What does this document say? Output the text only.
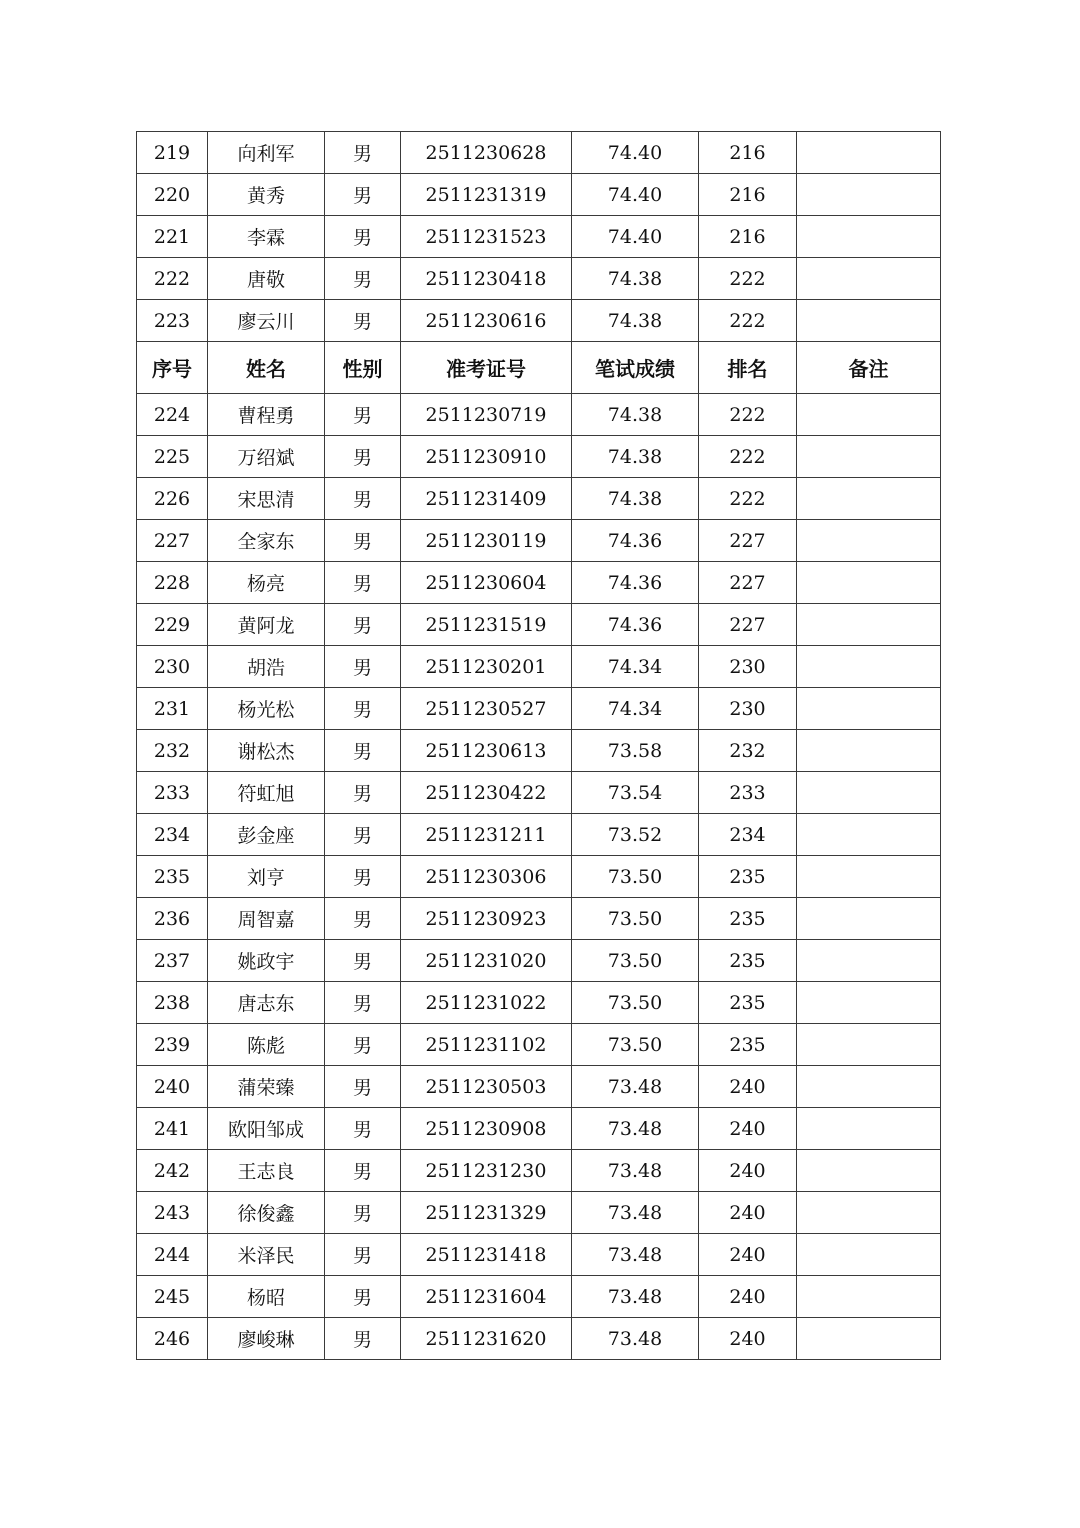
219	向利军	男	2511230628	74.40	216	
220	黄秀	男	2511231319	74.40	216	
221	李霖	男	2511231523	74.40	216	
222	唐敬	男	2511230418	74.38	222	
223	廖云川	男	2511230616	74.38	222	
序号	姓名	性别	准考证号	笔试成绩	排名	备注
224	曹程勇	男	2511230719	74.38	222	
225	万绍斌	男	2511230910	74.38	222	
226	宋思清	男	2511231409	74.38	222	
227	全家东	男	2511230119	74.36	227	
228	杨亮	男	2511230604	74.36	227	
229	黄阿龙	男	2511231519	74.36	227	
230	胡浩	男	2511230201	74.34	230	
231	杨光松	男	2511230527	74.34	230	
232	谢松杰	男	2511230613	73.58	232	
233	符虹旭	男	2511230422	73.54	233	
234	彭金座	男	2511231211	73.52	234	
235	刘亨	男	2511230306	73.50	235	
236	周智嘉	男	2511230923	73.50	235	
237	姚政宇	男	2511231020	73.50	235	
238	唐志东	男	2511231022	73.50	235	
239	陈彪	男	2511231102	73.50	235	
240	蒲荣臻	男	2511230503	73.48	240	
241	欧阳邹成	男	2511230908	73.48	240	
242	王志良	男	2511231230	73.48	240	
243	徐俊鑫	男	2511231329	73.48	240	
244	米泽民	男	2511231418	73.48	240	
245	杨昭	男	2511231604	73.48	240	
246	廖峻琳	男	2511231620	73.48	240	
